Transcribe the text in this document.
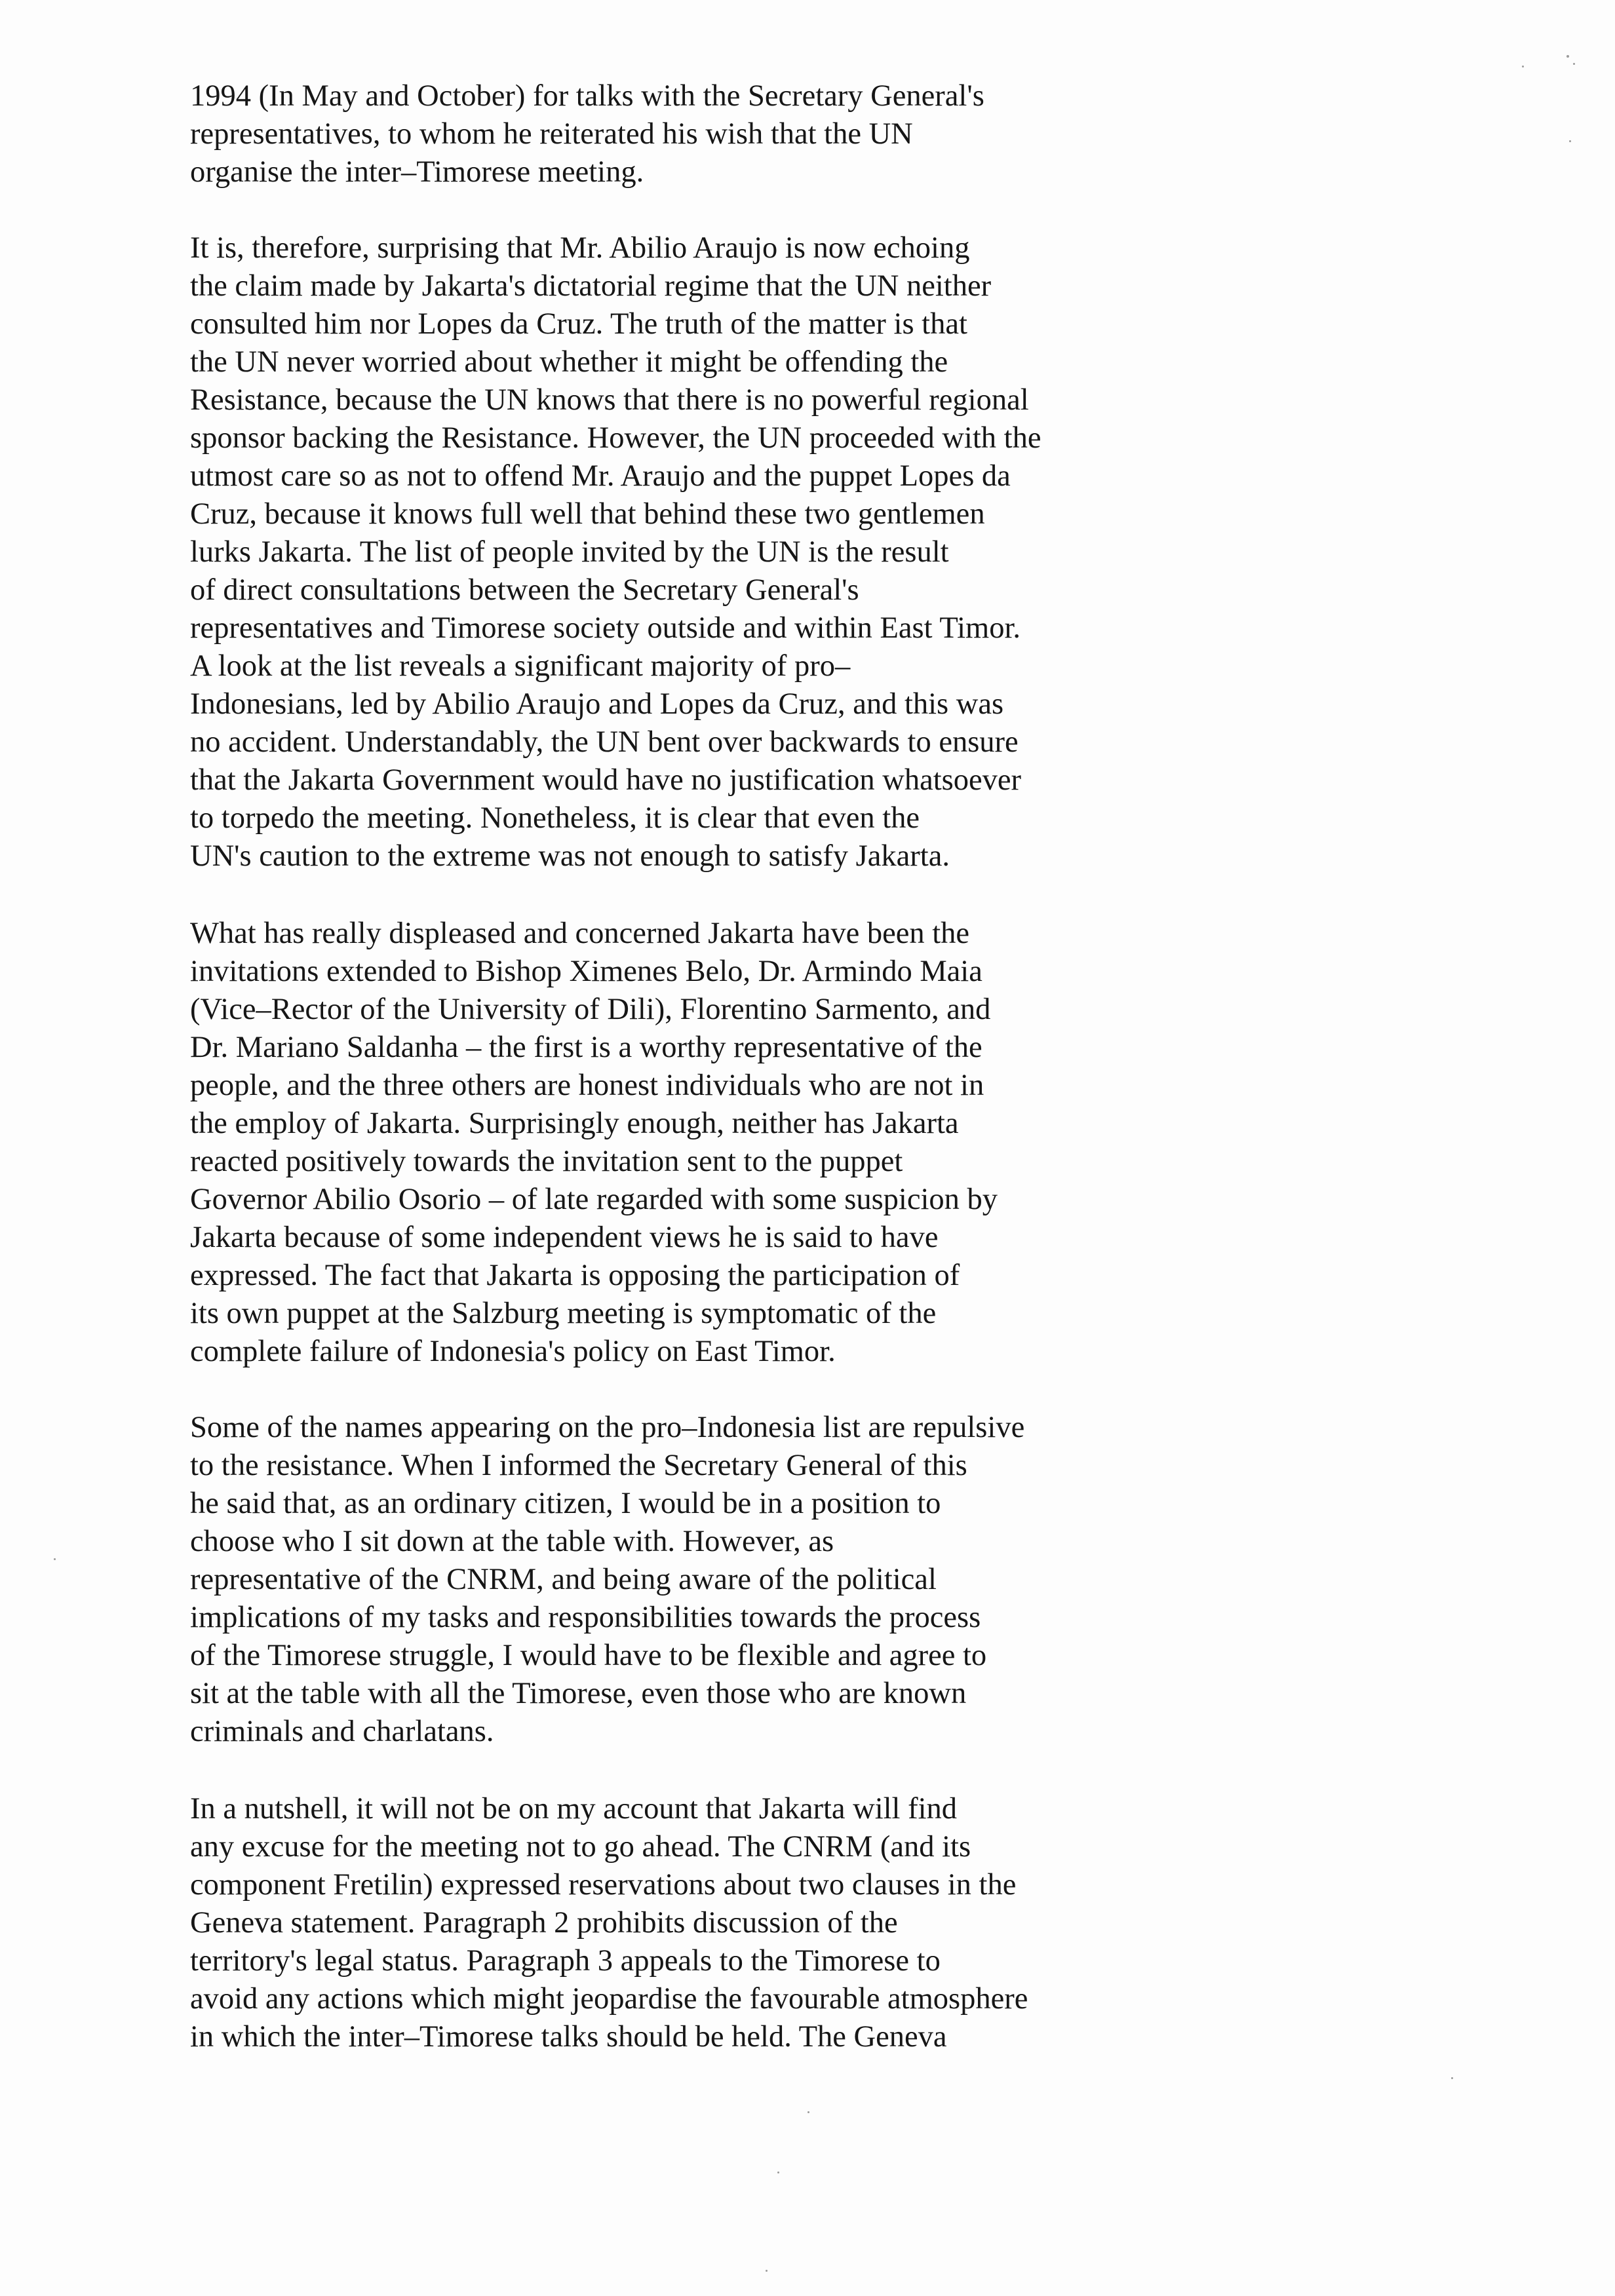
1994 (In May and October) for talks with the Secretary General's
representatives, to whom he reiterated his wish that the UN
organise the inter–Timorese meeting.
It is, therefore, surprising that Mr. Abilio Araujo is now echoing
the claim made by Jakarta's dictatorial regime that the UN neither
consulted him nor Lopes da Cruz. The truth of the matter is that
the UN never worried about whether it might be offending the
Resistance, because the UN knows that there is no powerful regional
sponsor backing the Resistance. However, the UN proceeded with the
utmost care so as not to offend Mr. Araujo and the puppet Lopes da
Cruz, because it knows full well that behind these two gentlemen
lurks Jakarta. The list of people invited by the UN is the result
of direct consultations between the Secretary General's
representatives and Timorese society outside and within East Timor.
A look at the list reveals a significant majority of pro–
Indonesians, led by Abilio Araujo and Lopes da Cruz, and this was
no accident. Understandably, the UN bent over backwards to ensure
that the Jakarta Government would have no justification whatsoever
to torpedo the meeting. Nonetheless, it is clear that even the
UN's caution to the extreme was not enough to satisfy Jakarta.
What has really displeased and concerned Jakarta have been the
invitations extended to Bishop Ximenes Belo, Dr. Armindo Maia
(Vice–Rector of the University of Dili), Florentino Sarmento, and
Dr. Mariano Saldanha – the first is a worthy representative of the
people, and the three others are honest individuals who are not in
the employ of Jakarta. Surprisingly enough, neither has Jakarta
reacted positively towards the invitation sent to the puppet
Governor Abilio Osorio – of late regarded with some suspicion by
Jakarta because of some independent views he is said to have
expressed. The fact that Jakarta is opposing the participation of
its own puppet at the Salzburg meeting is symptomatic of the
complete failure of Indonesia's policy on East Timor.
Some of the names appearing on the pro–Indonesia list are repulsive
to the resistance. When I informed the Secretary General of this
he said that, as an ordinary citizen, I would be in a position to
choose who I sit down at the table with. However, as
representative of the CNRM, and being aware of the political
implications of my tasks and responsibilities towards the process
of the Timorese struggle, I would have to be flexible and agree to
sit at the table with all the Timorese, even those who are known
criminals and charlatans.
In a nutshell, it will not be on my account that Jakarta will find
any excuse for the meeting not to go ahead. The CNRM (and its
component Fretilin) expressed reservations about two clauses in the
Geneva statement. Paragraph 2 prohibits discussion of the
territory's legal status. Paragraph 3 appeals to the Timorese to
avoid any actions which might jeopardise the favourable atmosphere
in which the inter–Timorese talks should be held. The Geneva
